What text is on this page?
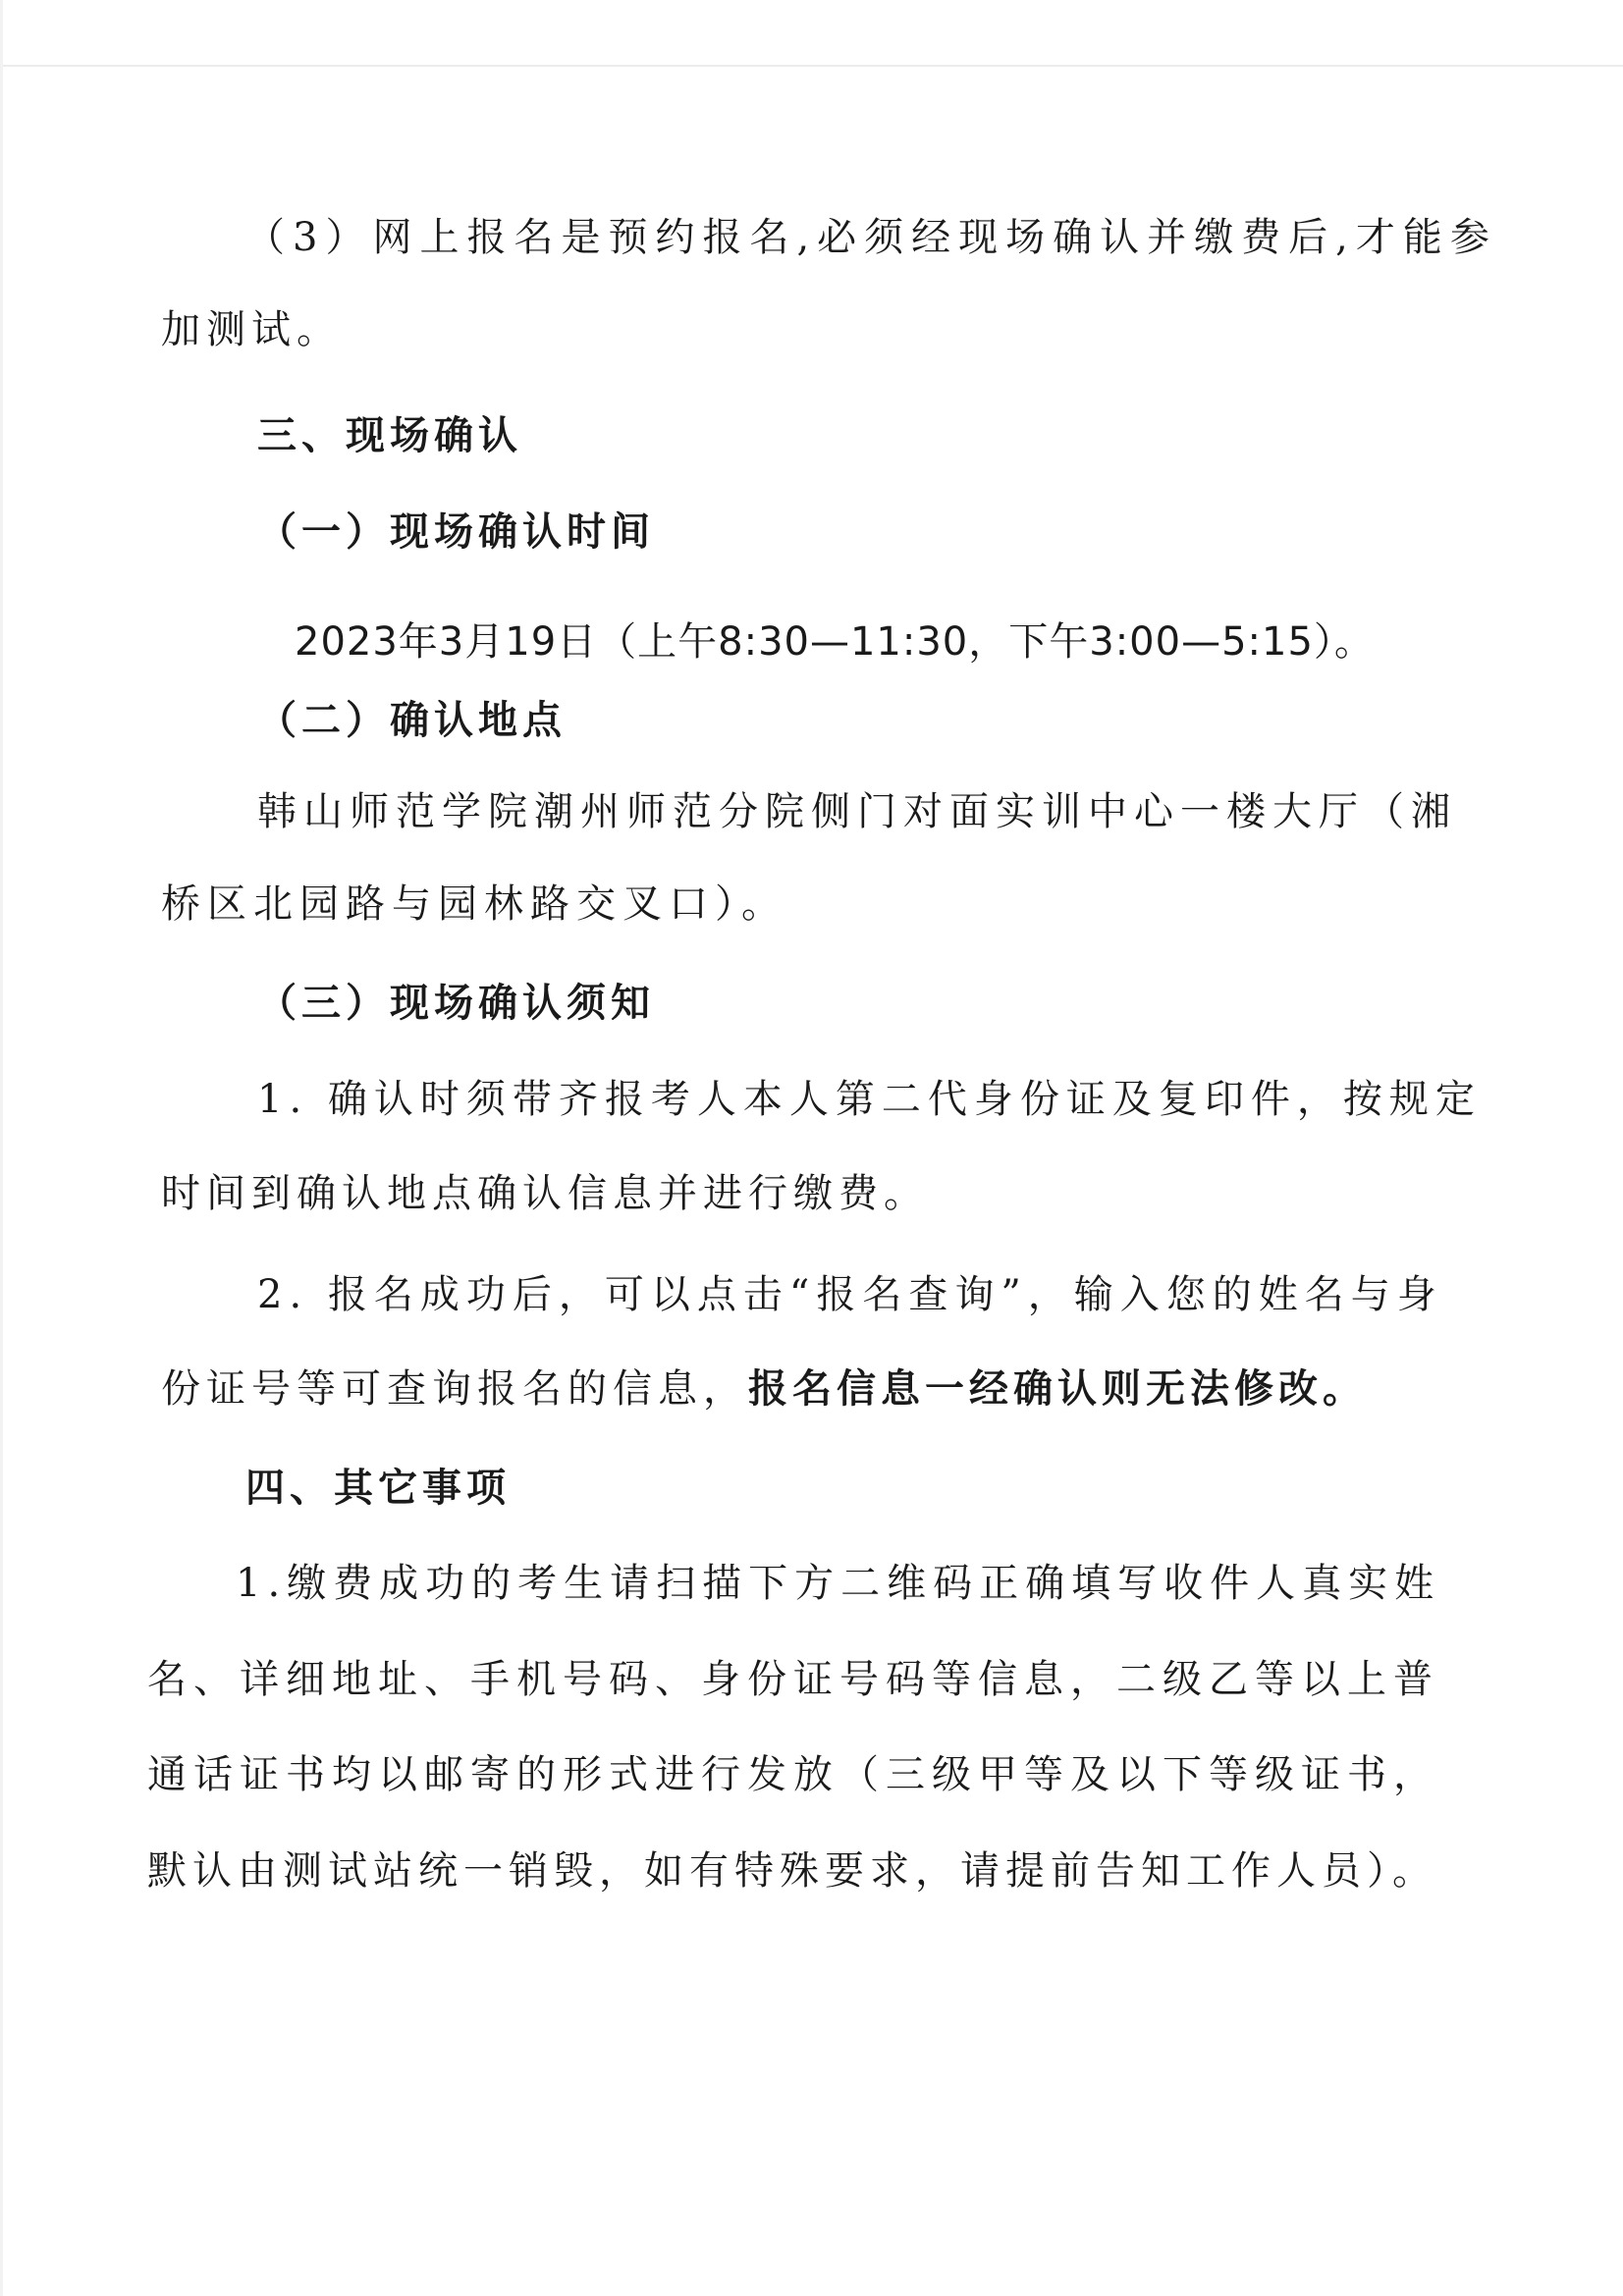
（3）网上报名是预约报名,必须经现场确认并缴费后,才能参
加测试。
三、现场确认
（一）现场确认时间
2023年3月19日（上午8:30—11:30，下午3:00—5:15）。
（二）确认地点
韩山师范学院潮州师范分院侧门对面实训中心一楼大厅（湘
桥区北园路与园林路交叉口）。
（三）现场确认须知
1. 确认时须带齐报考人本人第二代身份证及复印件，按规定
时间到确认地点确认信息并进行缴费。
2. 报名成功后，可以点击“报名查询”，输入您的姓名与身
份证号等可查询报名的信息，报名信息一经确认则无法修改。
四、其它事项
1.缴费成功的考生请扫描下方二维码正确填写收件人真实姓
名、详细地址、手机号码、身份证号码等信息，二级乙等以上普
通话证书均以邮寄的形式进行发放（三级甲等及以下等级证书，
默认由测试站统一销毁，如有特殊要求，请提前告知工作人员）。
